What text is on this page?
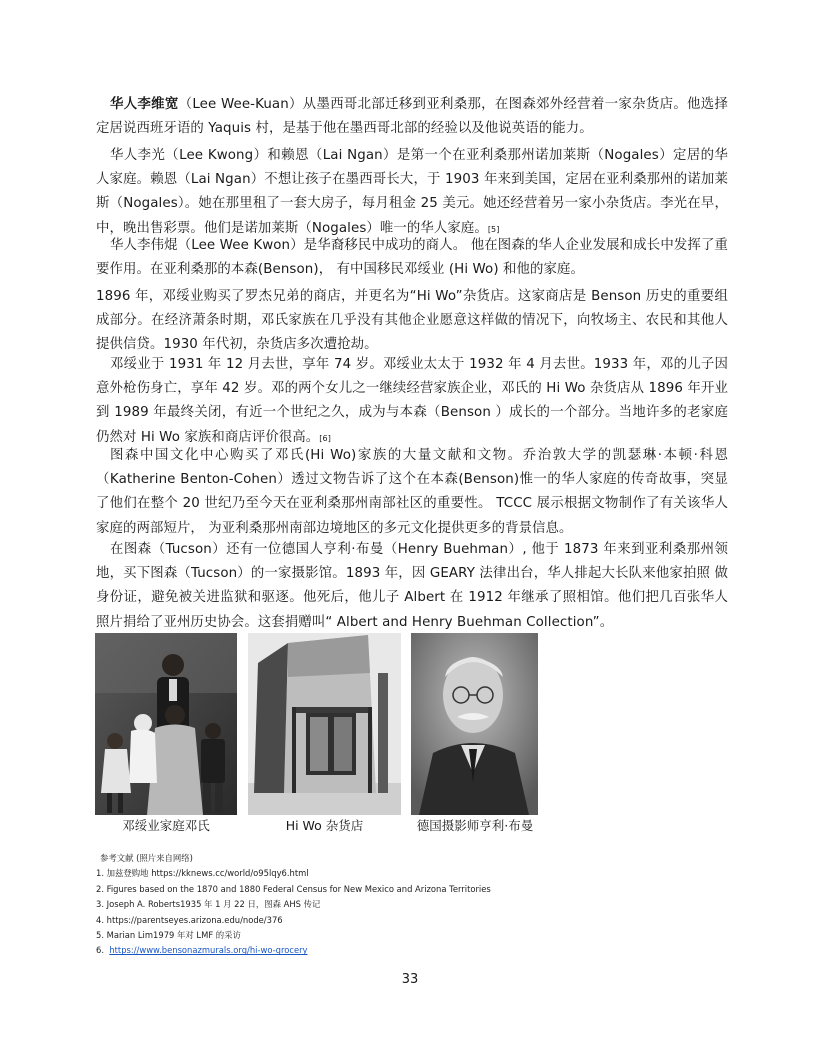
华人李维宽（Lee Wee-Kuan）从墨西哥北部迁移到亚利桑那，在图森郊外经营着一家杂货店。他选择定居说西班牙语的 Yaquis 村，是基于他在墨西哥北部的经验以及他说英语的能力。

华人李光（Lee Kwong）和赖恩（Lai Ngan）是第一个在亚利桑那州诺加莱斯（Nogales）定居的华人家庭。赖恩（Lai Ngan）不想让孩子在墨西哥长大，于 1903 年来到美国，定居在亚利桑那州的诺加莱斯（Nogales）。她在那里租了一套大房子，每月租金 25 美元。她还经营着另一家小杂货店。李光在早，中，晚出售彩票。他们是诺加莱斯（Nogales）唯一的华人家庭。[5]

华人李伟焜（Lee Wee Kwon）是华裔移民中成功的商人。 他在图森的华人企业发展和成长中发挥了重要作用。在亚利桑那的本森(Benson)， 有中国移民邓绥业 (Hi Wo) 和他的家庭。

1896 年，邓绥业购买了罗杰兄弟的商店，并更名为“Hi Wo”杂货店。这家商店是 Benson 历史的重要组成部分。在经济萧条时期，邓氏家族在几乎没有其他企业愿意这样做的情况下，向牧场主、农民和其他人提供信贷。1930 年代初，杂货店多次遭抢劫。

邓绥业于 1931 年 12 月去世，享年 74 岁。邓绥业太太于 1932 年 4 月去世。1933 年，邓的儿子因意外枪伤身亡，享年 42 岁。邓的两个女儿之一继续经营家族企业，邓氏的 Hi Wo 杂货店从 1896 年开业到 1989 年最终关闭，有近一个世纪之久，成为与本森（Benson ）成长的一个部分。当地许多的老家庭仍然对 Hi Wo 家族和商店评价很高。[6]

图森中国文化中心购买了邓氏(Hi Wo)家族的大量文献和文物。乔治敦大学的凯瑟琳·本顿·科恩（Katherine Benton-Cohen）透过文物告诉了这个在本森(Benson)惟一的华人家庭的传奇故事，突显了他们在整个 20 世纪乃至今天在亚利桑那州南部社区的重要性。 TCCC 展示根据文物制作了有关该华人家庭的两部短片， 为亚利桑那州南部边境地区的多元文化提供更多的背景信息。

在图森（Tucson）还有一位德国人亨利·布曼（Henry Buehman）, 他于 1873 年来到亚利桑那州领地，买下图森（Tucson）的一家摄影馆。1893 年，因 GEARY 法律出台，华人排起大长队来他家拍照 做身份证，避免被关进监狱和驱逐。他死后，他儿子 Albert 在 1912 年继承了照相馆。他们把几百张华人照片捐给了亚州历史协会。这套捐赠叫“ Albert and Henry Buehman Collection”。

邓绥业家庭邓氏	Hi Wo 杂货店	德国摄影师亨利·布曼
参考文献 (照片来自网络)
1. 加兹登购地 https://kknews.cc/world/o95lqy6.html
2. Figures based on the 1870 and 1880 Federal Census for New Mexico and Arizona Territories
3. Joseph A. Roberts1935 年 1 月 22 日，图森 AHS 传记
4. https://parentseyes.arizona.edu/node/376
5. Marian Lim1979 年对 LMF 的采访
6.  https://www.bensonazmurals.org/hi-wo-grocery
33
